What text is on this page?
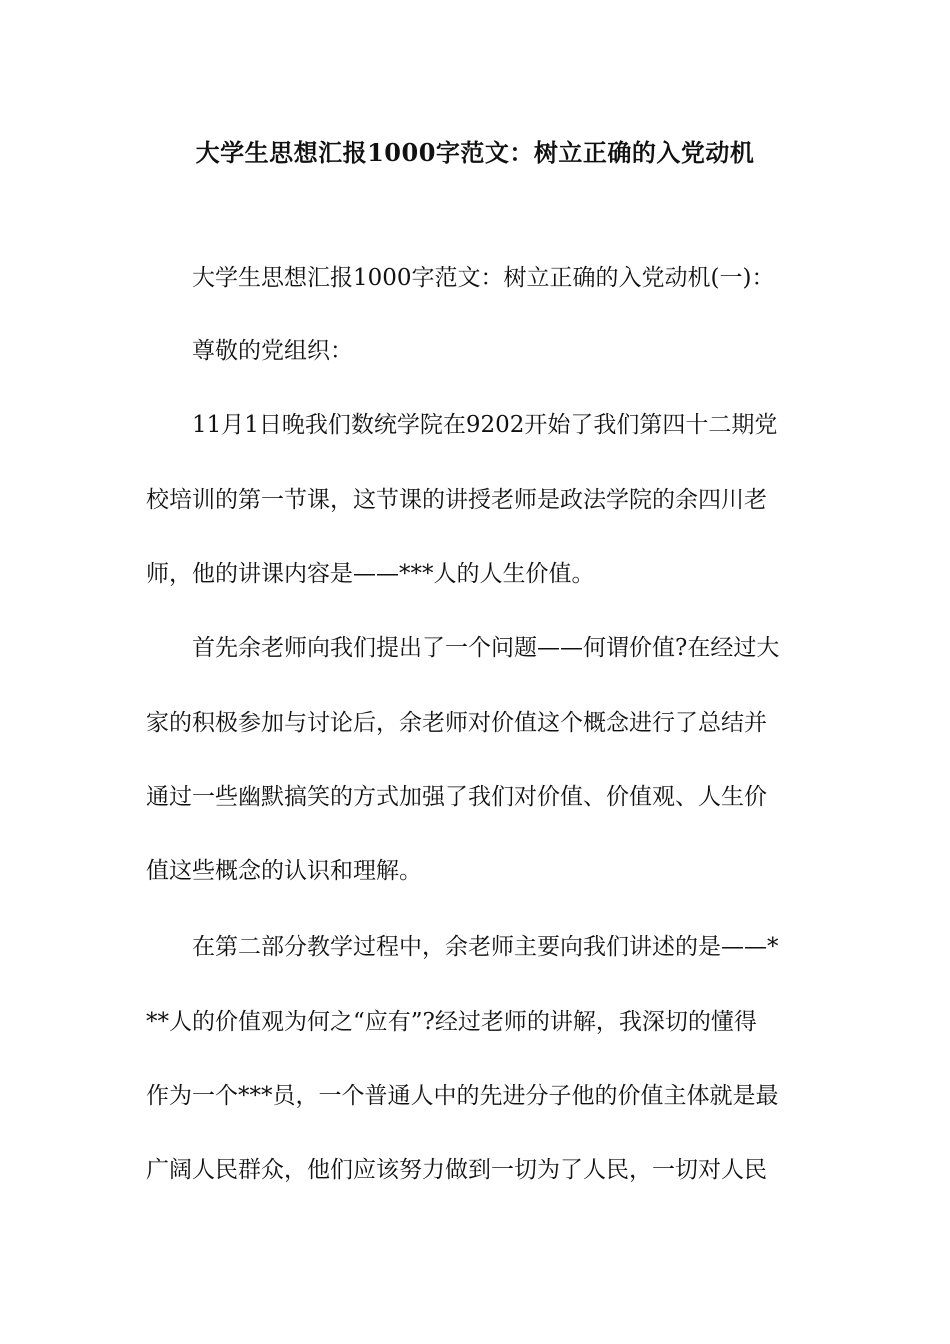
大学生思想汇报1000字范文：树立正确的入党动机
大学生思想汇报1000字范文：树立正确的入党动机(一)：
尊敬的党组织：
11月1日晚我们数统学院在9202开始了我们第四十二期党
校培训的第一节课，这节课的讲授老师是政法学院的余四川老
师，他的讲课内容是——***人的人生价值。
首先余老师向我们提出了一个问题——何谓价值?在经过大
家的积极参加与讨论后，余老师对价值这个概念进行了总结并
通过一些幽默搞笑的方式加强了我们对价值、价值观、人生价
值这些概念的认识和理解。
在第二部分教学过程中，余老师主要向我们讲述的是——*
**人的价值观为何之“应有”?经过老师的讲解，我深切的懂得
作为一个***员，一个普通人中的先进分子他的价值主体就是最
广阔人民群众，他们应该努力做到一切为了人民，一切对人民
